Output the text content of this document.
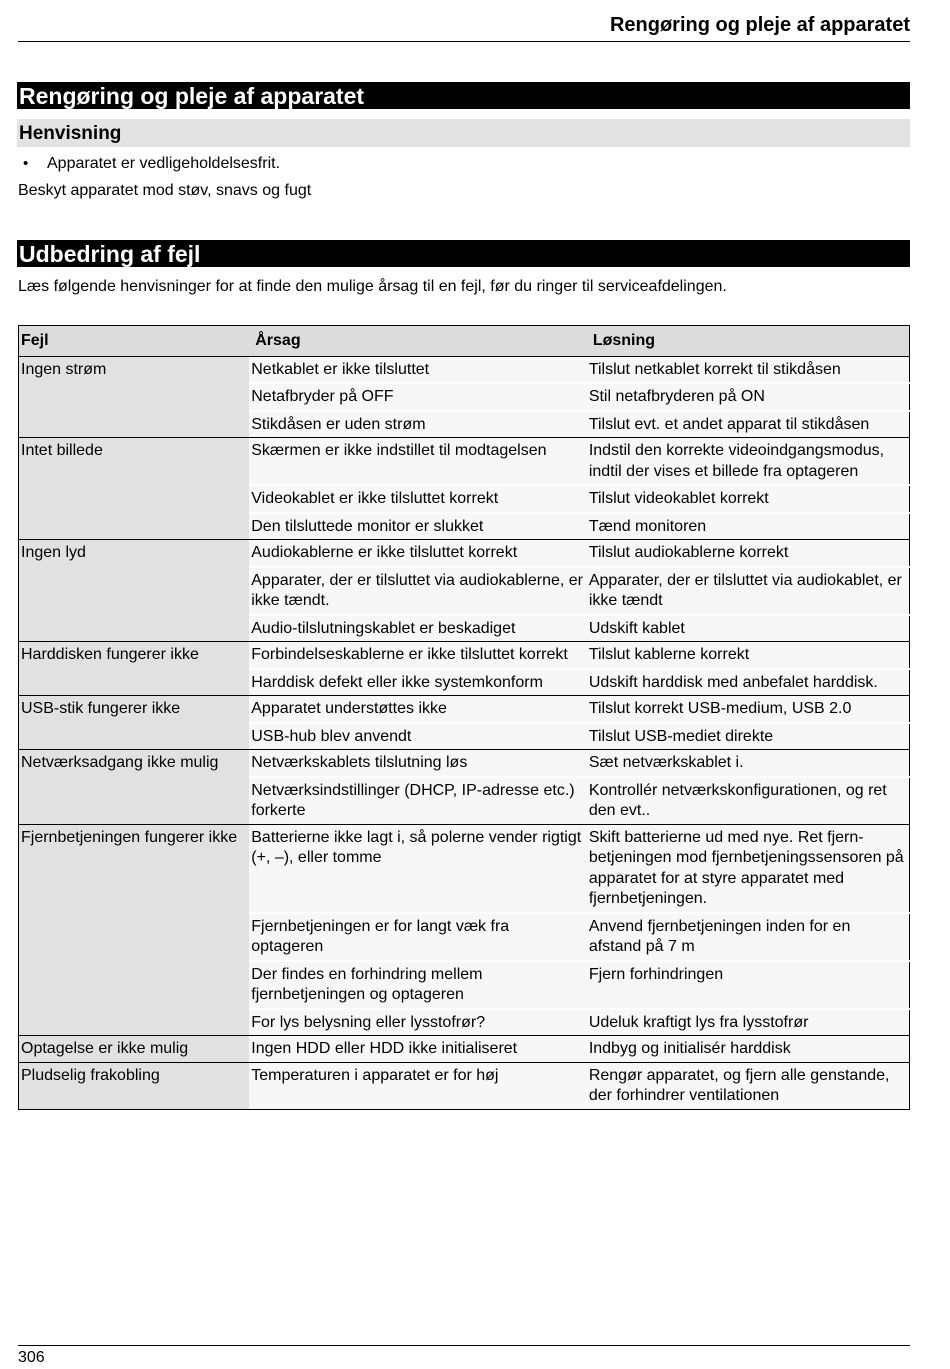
Rengøring og pleje af apparatet
Rengøring og pleje af apparatet
Henvisning
• Apparatet er vedligeholdelsesfrit.
Beskyt apparatet mod støv, snavs og fugt
Udbedring af fejl
Læs følgende henvisninger for at finde den mulige årsag til en fejl, før du ringer til serviceafdelingen.
Fejl	Årsag	Løsning
Ingen strøm	Netkablet er ikke tilsluttet	Tilslut netkablet korrekt til stikdåsen
	Netafbryder på OFF	Stil netafbryderen på ON
	Stikdåsen er uden strøm	Tilslut evt. et andet apparat til stikdåsen
Intet billede	Skærmen er ikke indstillet til modtagelsen	Indstil den korrekte videoindgangsmodus, indtil der vises et billede fra optageren
	Videokablet er ikke tilsluttet korrekt	Tilslut videokablet korrekt
	Den tilsluttede monitor er slukket	Tænd monitoren
Ingen lyd	Audiokablerne er ikke tilsluttet korrekt	Tilslut audiokablerne korrekt
	Apparater, der er tilsluttet via audiokablerne, er ikke tændt.	Apparater, der er tilsluttet via audiokablet, er ikke tændt
	Audio-tilslutningskablet er beskadiget	Udskift kablet
Harddisken fungerer ikke	Forbindelseskablerne er ikke tilsluttet korrekt	Tilslut kablerne korrekt
	Harddisk defekt eller ikke systemkonform	Udskift harddisk med anbefalet harddisk.
USB-stik fungerer ikke	Apparatet understøttes ikke	Tilslut korrekt USB-medium, USB 2.0
	USB-hub blev anvendt	Tilslut USB-mediet direkte
Netværksadgang ikke mulig	Netværkskablets tilslutning løs	Sæt netværkskablet i.
	Netværksindstillinger (DHCP, IP-adresse etc.) forkerte	Kontrollér netværkskonfigurationen, og ret den evt..
Fjernbetjeningen fungerer ikke	Batterierne ikke lagt i, så polerne vender rigtigt (+, –), eller tomme	Skift batterierne ud med nye. Ret fjern-betjeningen mod fjernbetjeningssensoren på apparatet for at styre apparatet med fjernbetjeningen.
	Fjernbetjeningen er for langt væk fra optageren	Anvend fjernbetjeningen inden for en afstand på 7 m
	Der findes en forhindring mellem fjernbetjeningen og optageren	Fjern forhindringen
	For lys belysning eller lysstofrør?	Udeluk kraftigt lys fra lysstofrør
Optagelse er ikke mulig	Ingen HDD eller HDD ikke initialiseret	Indbyg og initialisér harddisk
Pludselig frakobling	Temperaturen i apparatet er for høj	Rengør apparatet, og fjern alle genstande, der forhindrer ventilationen
306
